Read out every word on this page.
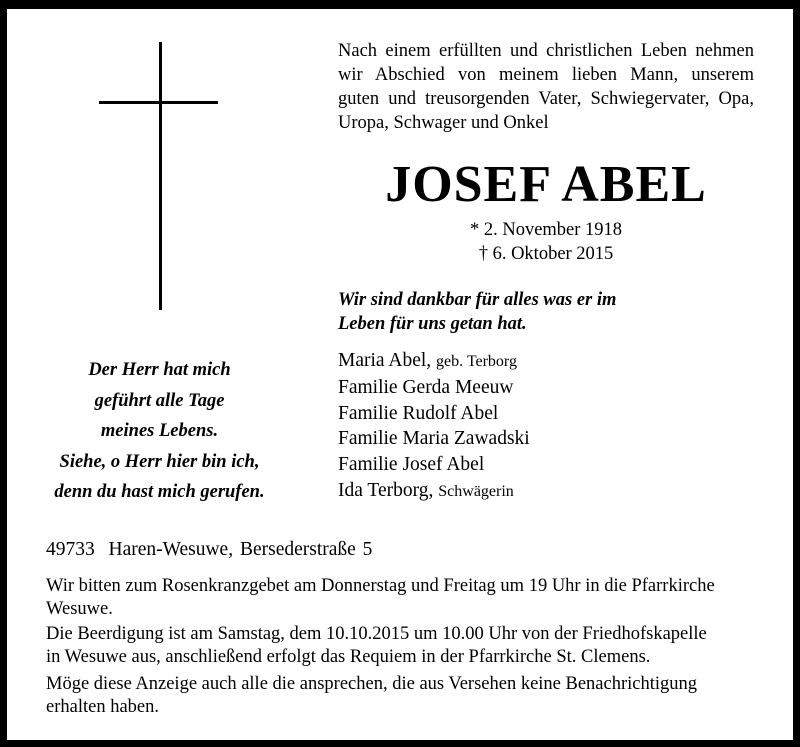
Nach einem erfüllten und christlichen Leben nehmen
wir Abschied von meinem lieben Mann, unserem
guten und treusorgenden Vater, Schwiegervater, Opa,
Uropa, Schwager und Onkel
JOSEF ABEL
* 2. November 1918
† 6. Oktober 2015
Wir sind dankbar für alles was er im
Leben für uns getan hat.
Maria Abel, geb. Terborg
Familie Gerda Meeuw
Familie Rudolf Abel
Familie Maria Zawadski
Familie Josef Abel
Ida Terborg, Schwägerin
Der Herr hat mich
geführt alle Tage
meines Lebens.
Siehe, o Herr hier bin ich,
denn du hast mich gerufen.
49733  Haren-Wesuwe, Bersederstraße 5
Wir bitten zum Rosenkranzgebet am Donnerstag und Freitag um 19 Uhr in die Pfarrkirche
Wesuwe.
Die Beerdigung ist am Samstag, dem 10.10.2015 um 10.00 Uhr von der Friedhofskapelle
in Wesuwe aus, anschließend erfolgt das Requiem in der Pfarrkirche St. Clemens.
Möge diese Anzeige auch alle die ansprechen, die aus Versehen keine Benachrichtigung
erhalten haben.
